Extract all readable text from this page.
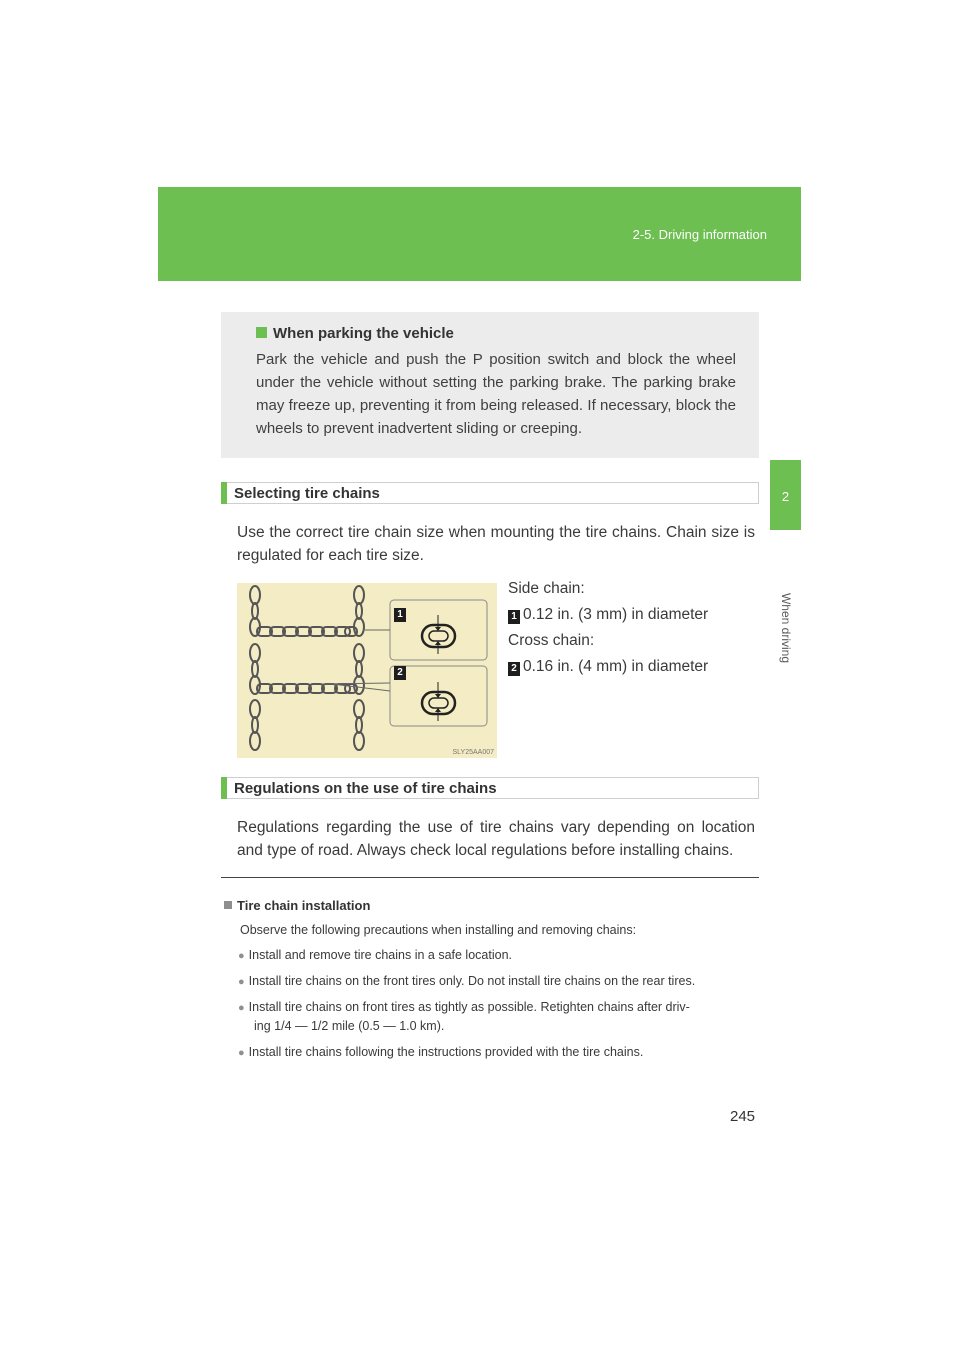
2-5. Driving information
2
When driving
When parking the vehicle
Park the vehicle and push the P position switch and block the wheel under the vehicle without setting the parking brake. The parking brake may freeze up, preventing it from being released. If necessary, block the wheels to prevent inadvertent sliding or creeping.
Selecting tire chains
Use the correct tire chain size when mounting the tire chains. Chain size is regulated for each tire size.
1
2
SLY25AA007
Side chain:
1 0.12 in. (3 mm) in diameter
Cross chain:
2 0.16 in. (4 mm) in diameter
Regulations on the use of tire chains
Regulations regarding the use of tire chains vary depending on location and type of road. Always check local regulations before installing chains.
Tire chain installation
Observe the following precautions when installing and removing chains:
● Install and remove tire chains in a safe location.
● Install tire chains on the front tires only. Do not install tire chains on the rear tires.
● Install tire chains on front tires as tightly as possible. Retighten chains after driv-
ing 1/4 — 1/2 mile (0.5 — 1.0 km).
● Install tire chains following the instructions provided with the tire chains.
245
